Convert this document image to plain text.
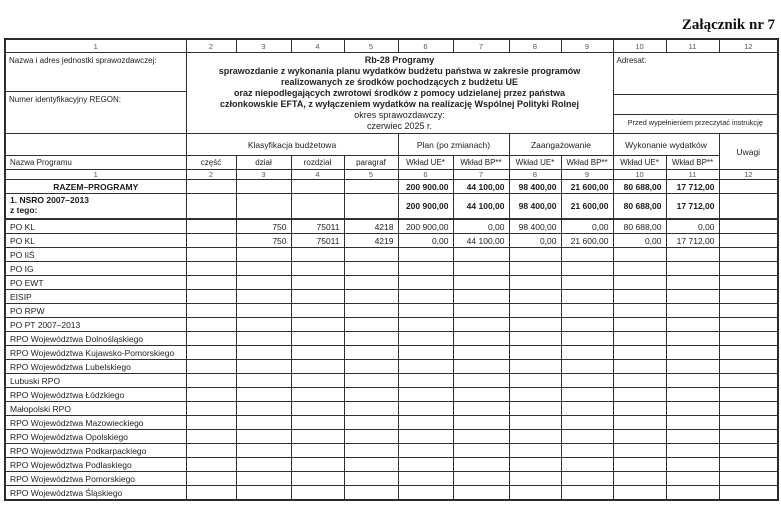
Załącznik nr 7
1	2	3	4	5	6	7	8	9	10	11	12

Nazwa i adres jednostki sprawozdawczej:
Numer identyfikacyjny REGON:

Rb-28 Programy
sprawozdanie z wykonania planu wydatków budżetu państwa w zakresie programów
realizowanych ze środków pochodzących z budżetu UE
oraz niepodlegających zwrotowi środków z pomocy udzielanej przez państwa
członkowskie EFTA, z wyłączeniem wydatków na realizację Wspólnej Polityki Rolnej
okres sprawozdawczy:
czerwiec 2025 r.

Adresat:
Przed wypełnieniem przeczytać instrukcję

	Klasyfikacja budżetowa				Plan (po zmianach)		Zaangażowanie		Wykonanie wydatków		Uwagi
Nazwa Programu	część	dział	rozdział	paragraf	Wkład UE*	Wkład BP**	Wkład UE*	Wkład BP**	Wkład UE*	Wkład BP**	
1	2	3	4	5	6	7	8	9	10	11	12
RAZEM–PROGRAMY					200 900.00	44 100,00	98 400,00	21 600,00	80 688,00	17 712,00	

1. NSRO 2007–2013
z tego:					200 900,00	44 100,00	98 400,00	21 600,00	80 688,00	17 712,00	
PO KL		750	75011	4218	200 900,00	0,00	98 400,00	0,00	80 688,00	0,00	
PO KL		750	75011	4219	0,00	44 100,00	0,00	21 600,00	0,00	17 712,00	
PO IiŚ											
PO IG											
PO EWT											
EISIP											
PO RPW											
PO PT 2007–2013											
RPO Województwa Dolnośląskiego											
RPO Województwa Kujawsko-Pomorskiego											
RPO Województwa Lubelskiego											
Lubuski RPO											
RPO Województwa Łódzkiego											
Małopolski RPO											
RPO Województwa Mazowieckiego											
RPO Województwa Opolskiego											
RPO Województwa Podkarpackiego											
RPO Województwa Podlaskiego											
RPO Województwa Pomorskiego											
RPO Województwa Śląskiego											
